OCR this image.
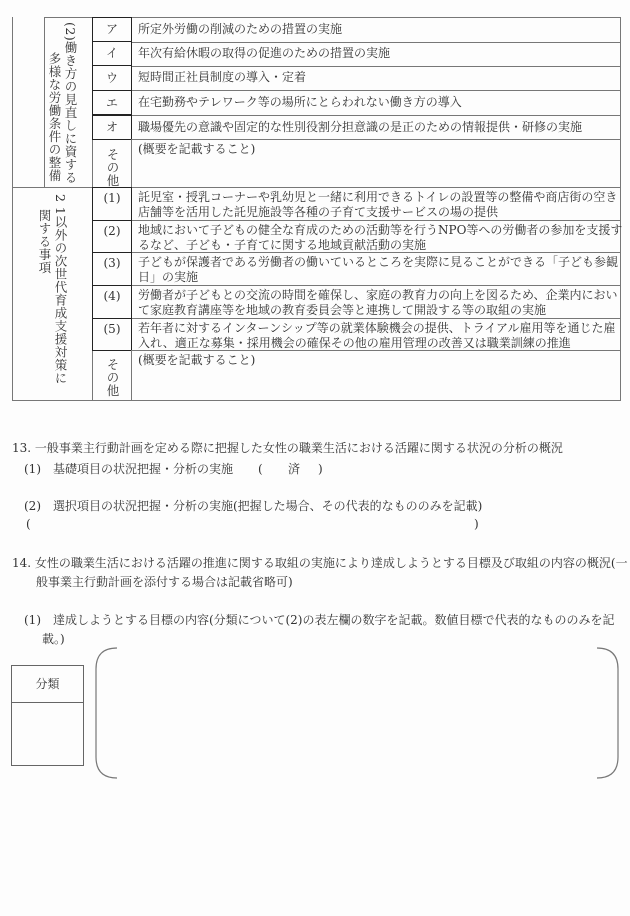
(2)働き方の見直しに資する
多様な労働条件の整備
ア	所定外労働の削減のための措置の実施
イ	年次有給休暇の取得の促進のための措置の実施
ウ	短時間正社員制度の導入・定着
エ	在宅勤務やテレワーク等の場所にとらわれない働き方の導入
オ	職場優先の意識や固定的な性別役割分担意識の是正のための情報提供・研修の実施
その他 (概要を記載すること)
2 1以外の次世代育成支援対策に
関する事項
(1)	託児室・授乳コーナーや乳幼児と一緒に利用できるトイレの設置等の整備や商店街の空き
店舗等を活用した託児施設等各種の子育て支援サービスの場の提供
(2)	地域において子どもの健全な育成のための活動等を行うNPO等への労働者の参加を支援す
るなど、子ども・子育てに関する地域貢献活動の実施
(3)	子どもが保護者である労働者の働いているところを実際に見ることができる「子ども参観
日」の実施
(4)	労働者が子どもとの交流の時間を確保し、家庭の教育力の向上を図るため、企業内におい
て家庭教育講座等を地域の教育委員会等と連携して開設する等の取組の実施
(5)	若年者に対するインターンシップ等の就業体験機会の提供、トライアル雇用等を通じた雇
入れ、適正な募集・採用機会の確保その他の雇用管理の改善又は職業訓練の推進
その他 (概要を記載すること)
13. 一般事業主行動計画を定める際に把握した女性の職業生活における活躍に関する状況の分析の概況
(1)　基礎項目の状況把握・分析の実施 ( 済 )
(2)　選択項目の状況把握・分析の実施(把握した場合、その代表的なもののみを記載)
(	)
14. 女性の職業生活における活躍の推進に関する取組の実施により達成しようとする目標及び取組の内容の概況(一
般事業主行動計画を添付する場合は記載省略可)
(1)　達成しようとする目標の内容(分類について(2)の表左欄の数字を記載。数値目標で代表的なもののみを記
載。)
分類
